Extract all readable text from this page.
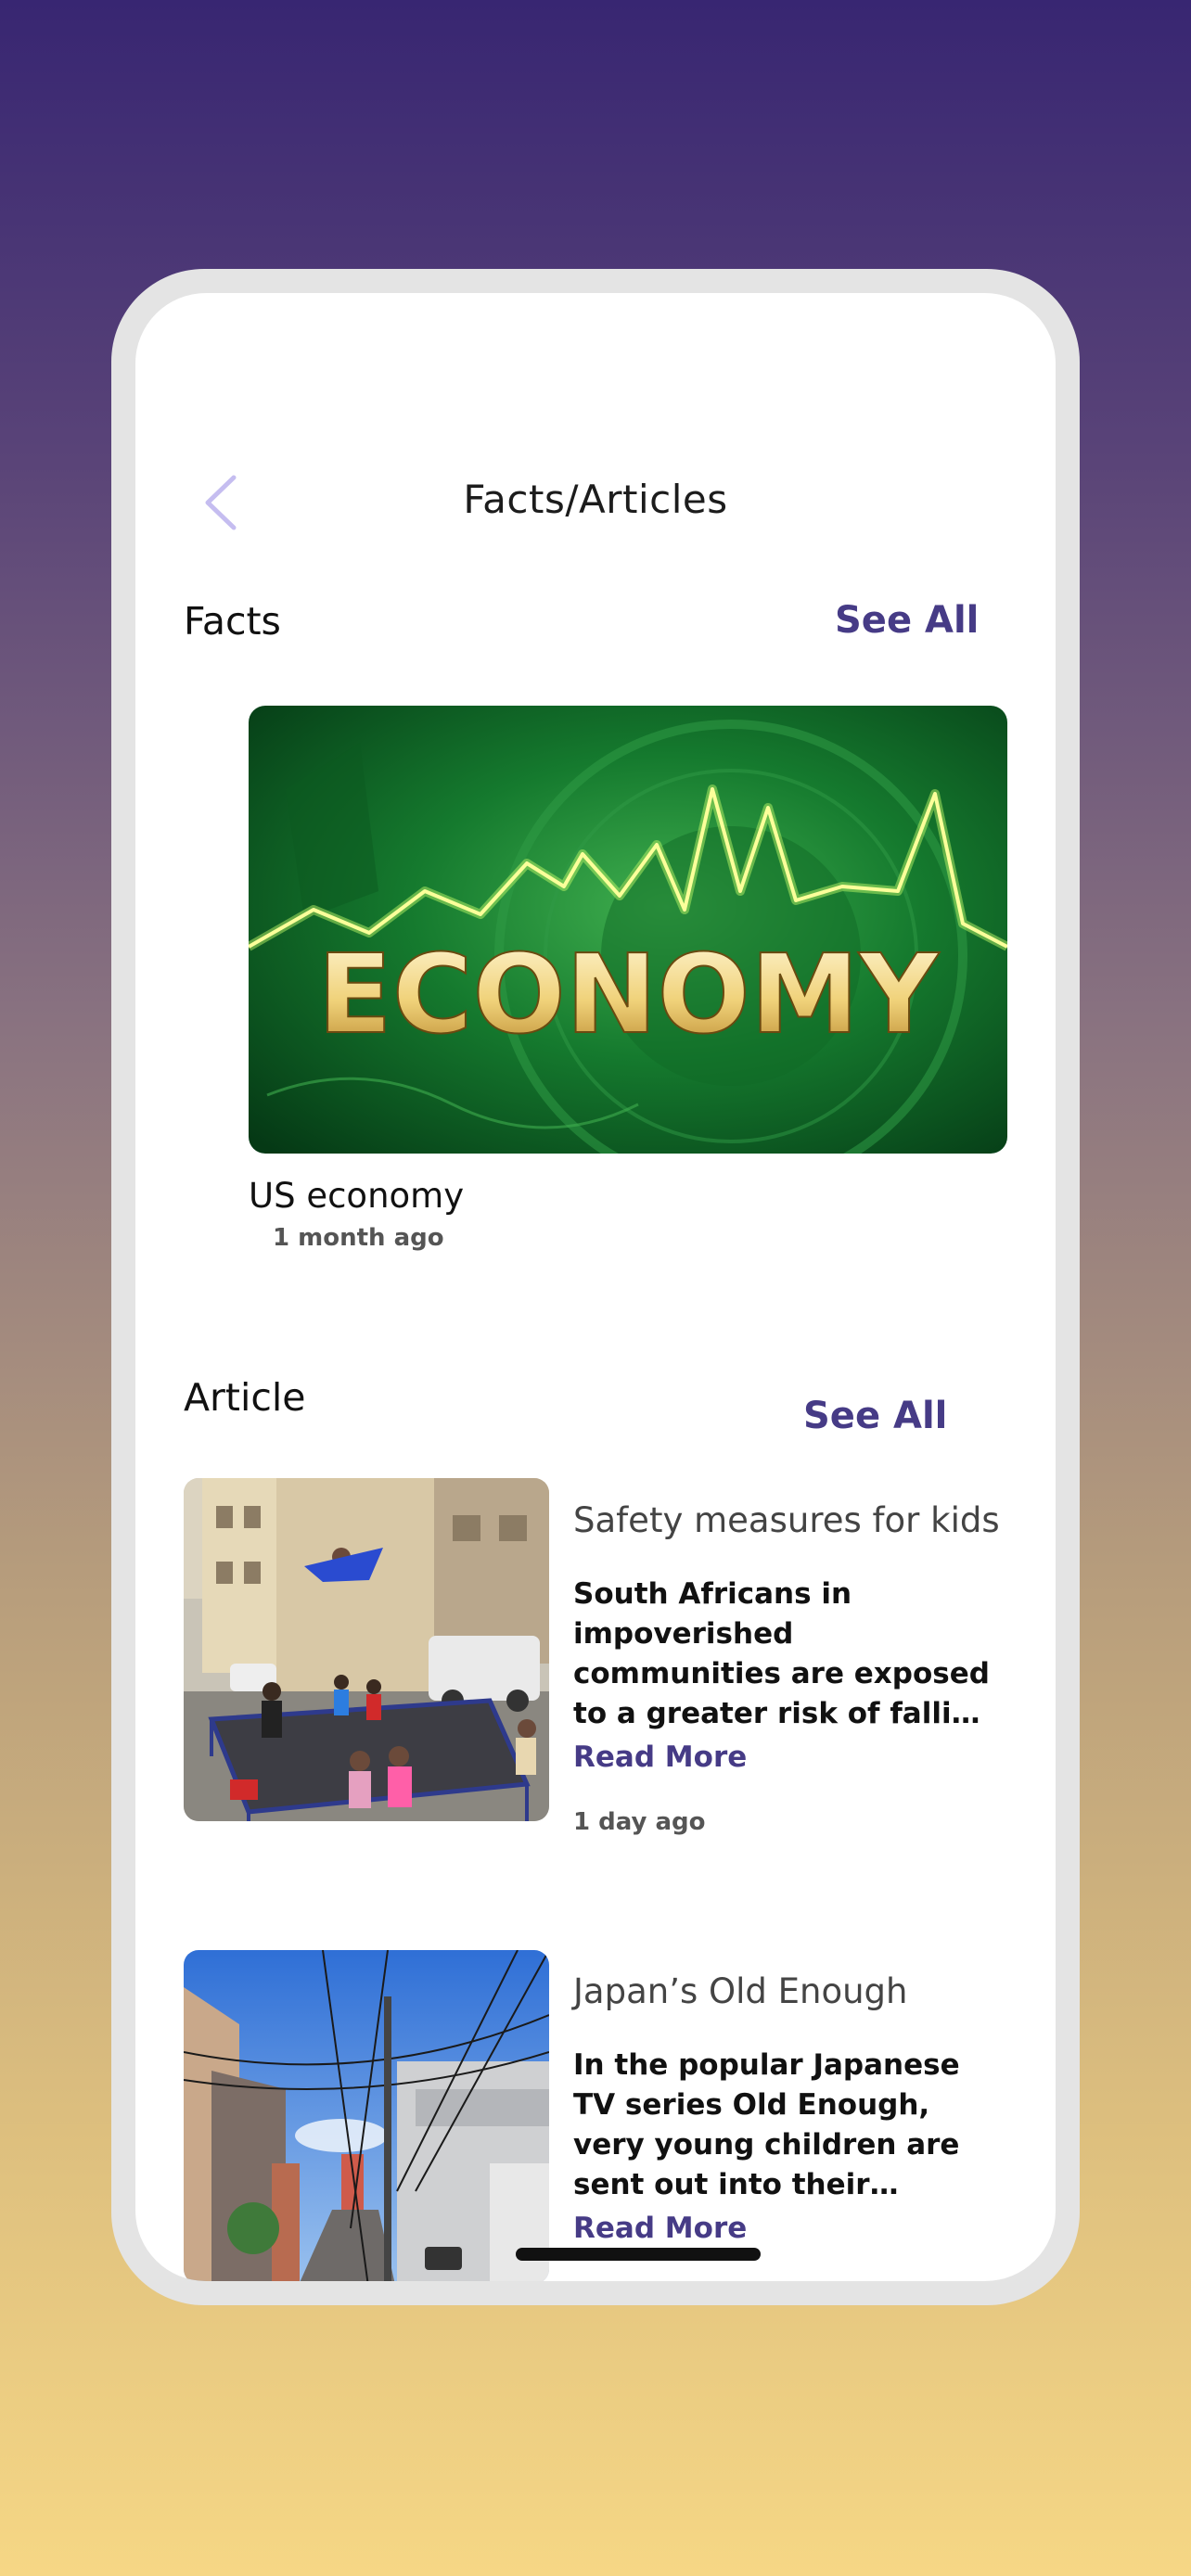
Facts/Articles
Facts	See All
ECONOMY
US economy
1 month ago
Article	See All
Safety measures for kids
South Africans in impoverished communities are exposed to a greater risk of falling
Read More
1 day ago
Japan’s Old Enough
In the popular Japanese TV series Old Enough, very young children are sent out into their
Read More
